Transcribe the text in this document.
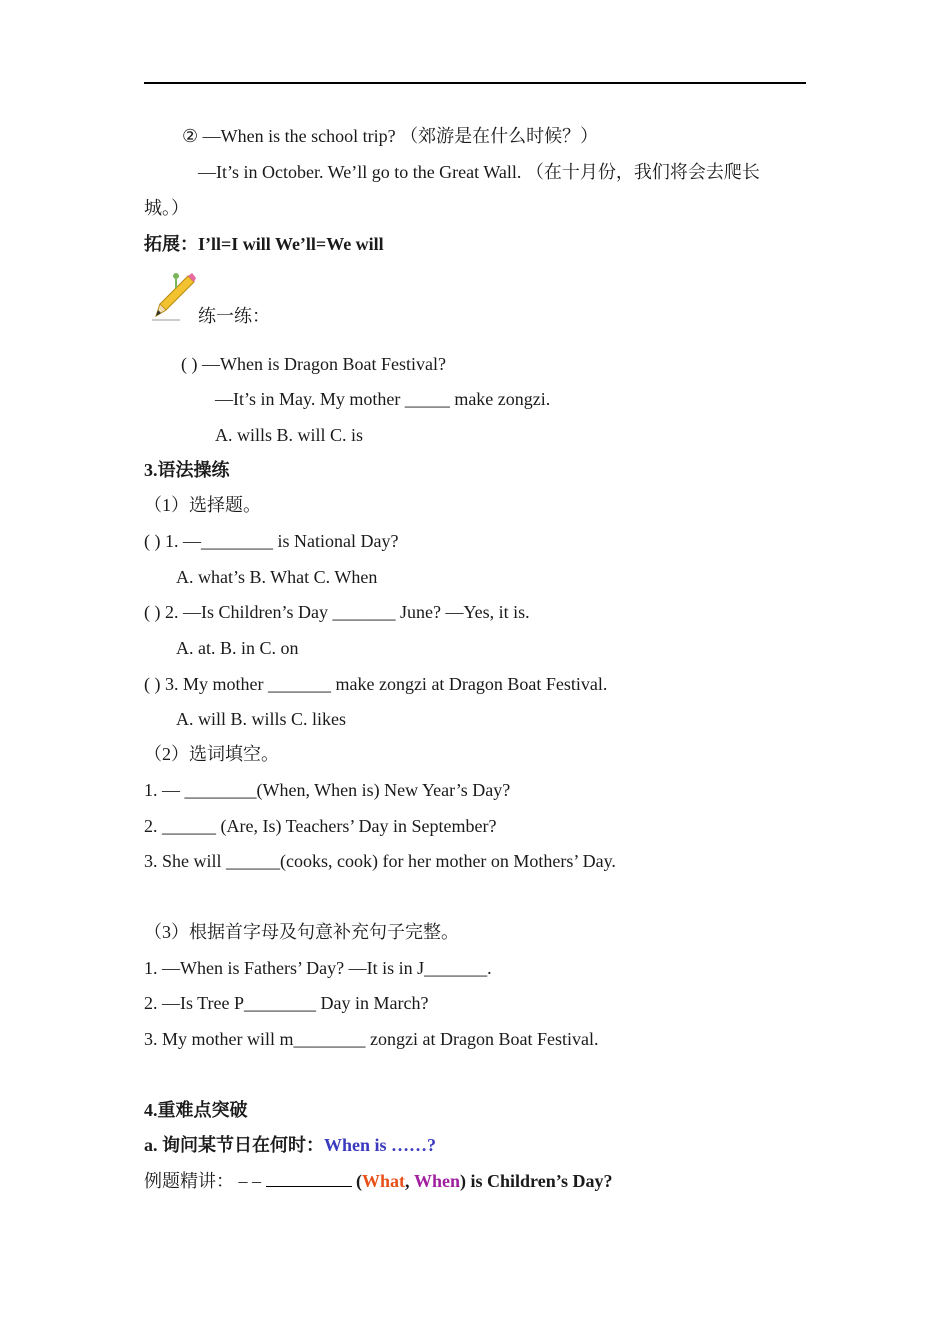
② —When is the school trip? （郊游是在什么时候？）
—It’s in October. We’ll go to the Great Wall. （在十月份，我们将会去爬长
城。）
拓展：I’ll=I will We’ll=We will
练一练：
( ) —When is Dragon Boat Festival?
—It’s in May. My mother _____ make zongzi.
A. wills B. will C. is
3.语法操练
（1）选择题。
( ) 1. —________ is National Day?
A. what’s B. What C. When
( ) 2. —Is Children’s Day _______ June? —Yes, it is.
A. at. B. in C. on
( ) 3. My mother _______ make zongzi at Dragon Boat Festival.
A. will B. wills C. likes
（2）选词填空。
1. — ________(When, When is) New Year’s Day?
2. ______ (Are, Is) Teachers’ Day in September?
3. She will ______(cooks, cook) for her mother on Mothers’ Day.
（3）根据首字母及句意补充句子完整。
1. —When is Fathers’ Day? —It is in J_______.
2. —Is Tree P________ Day in March?
3. My mother will m________ zongzi at Dragon Boat Festival.
4.重难点突破
a. 询问某节日在何时：When is ……?
例题精讲： – –	(What, When) is Children’s Day?
